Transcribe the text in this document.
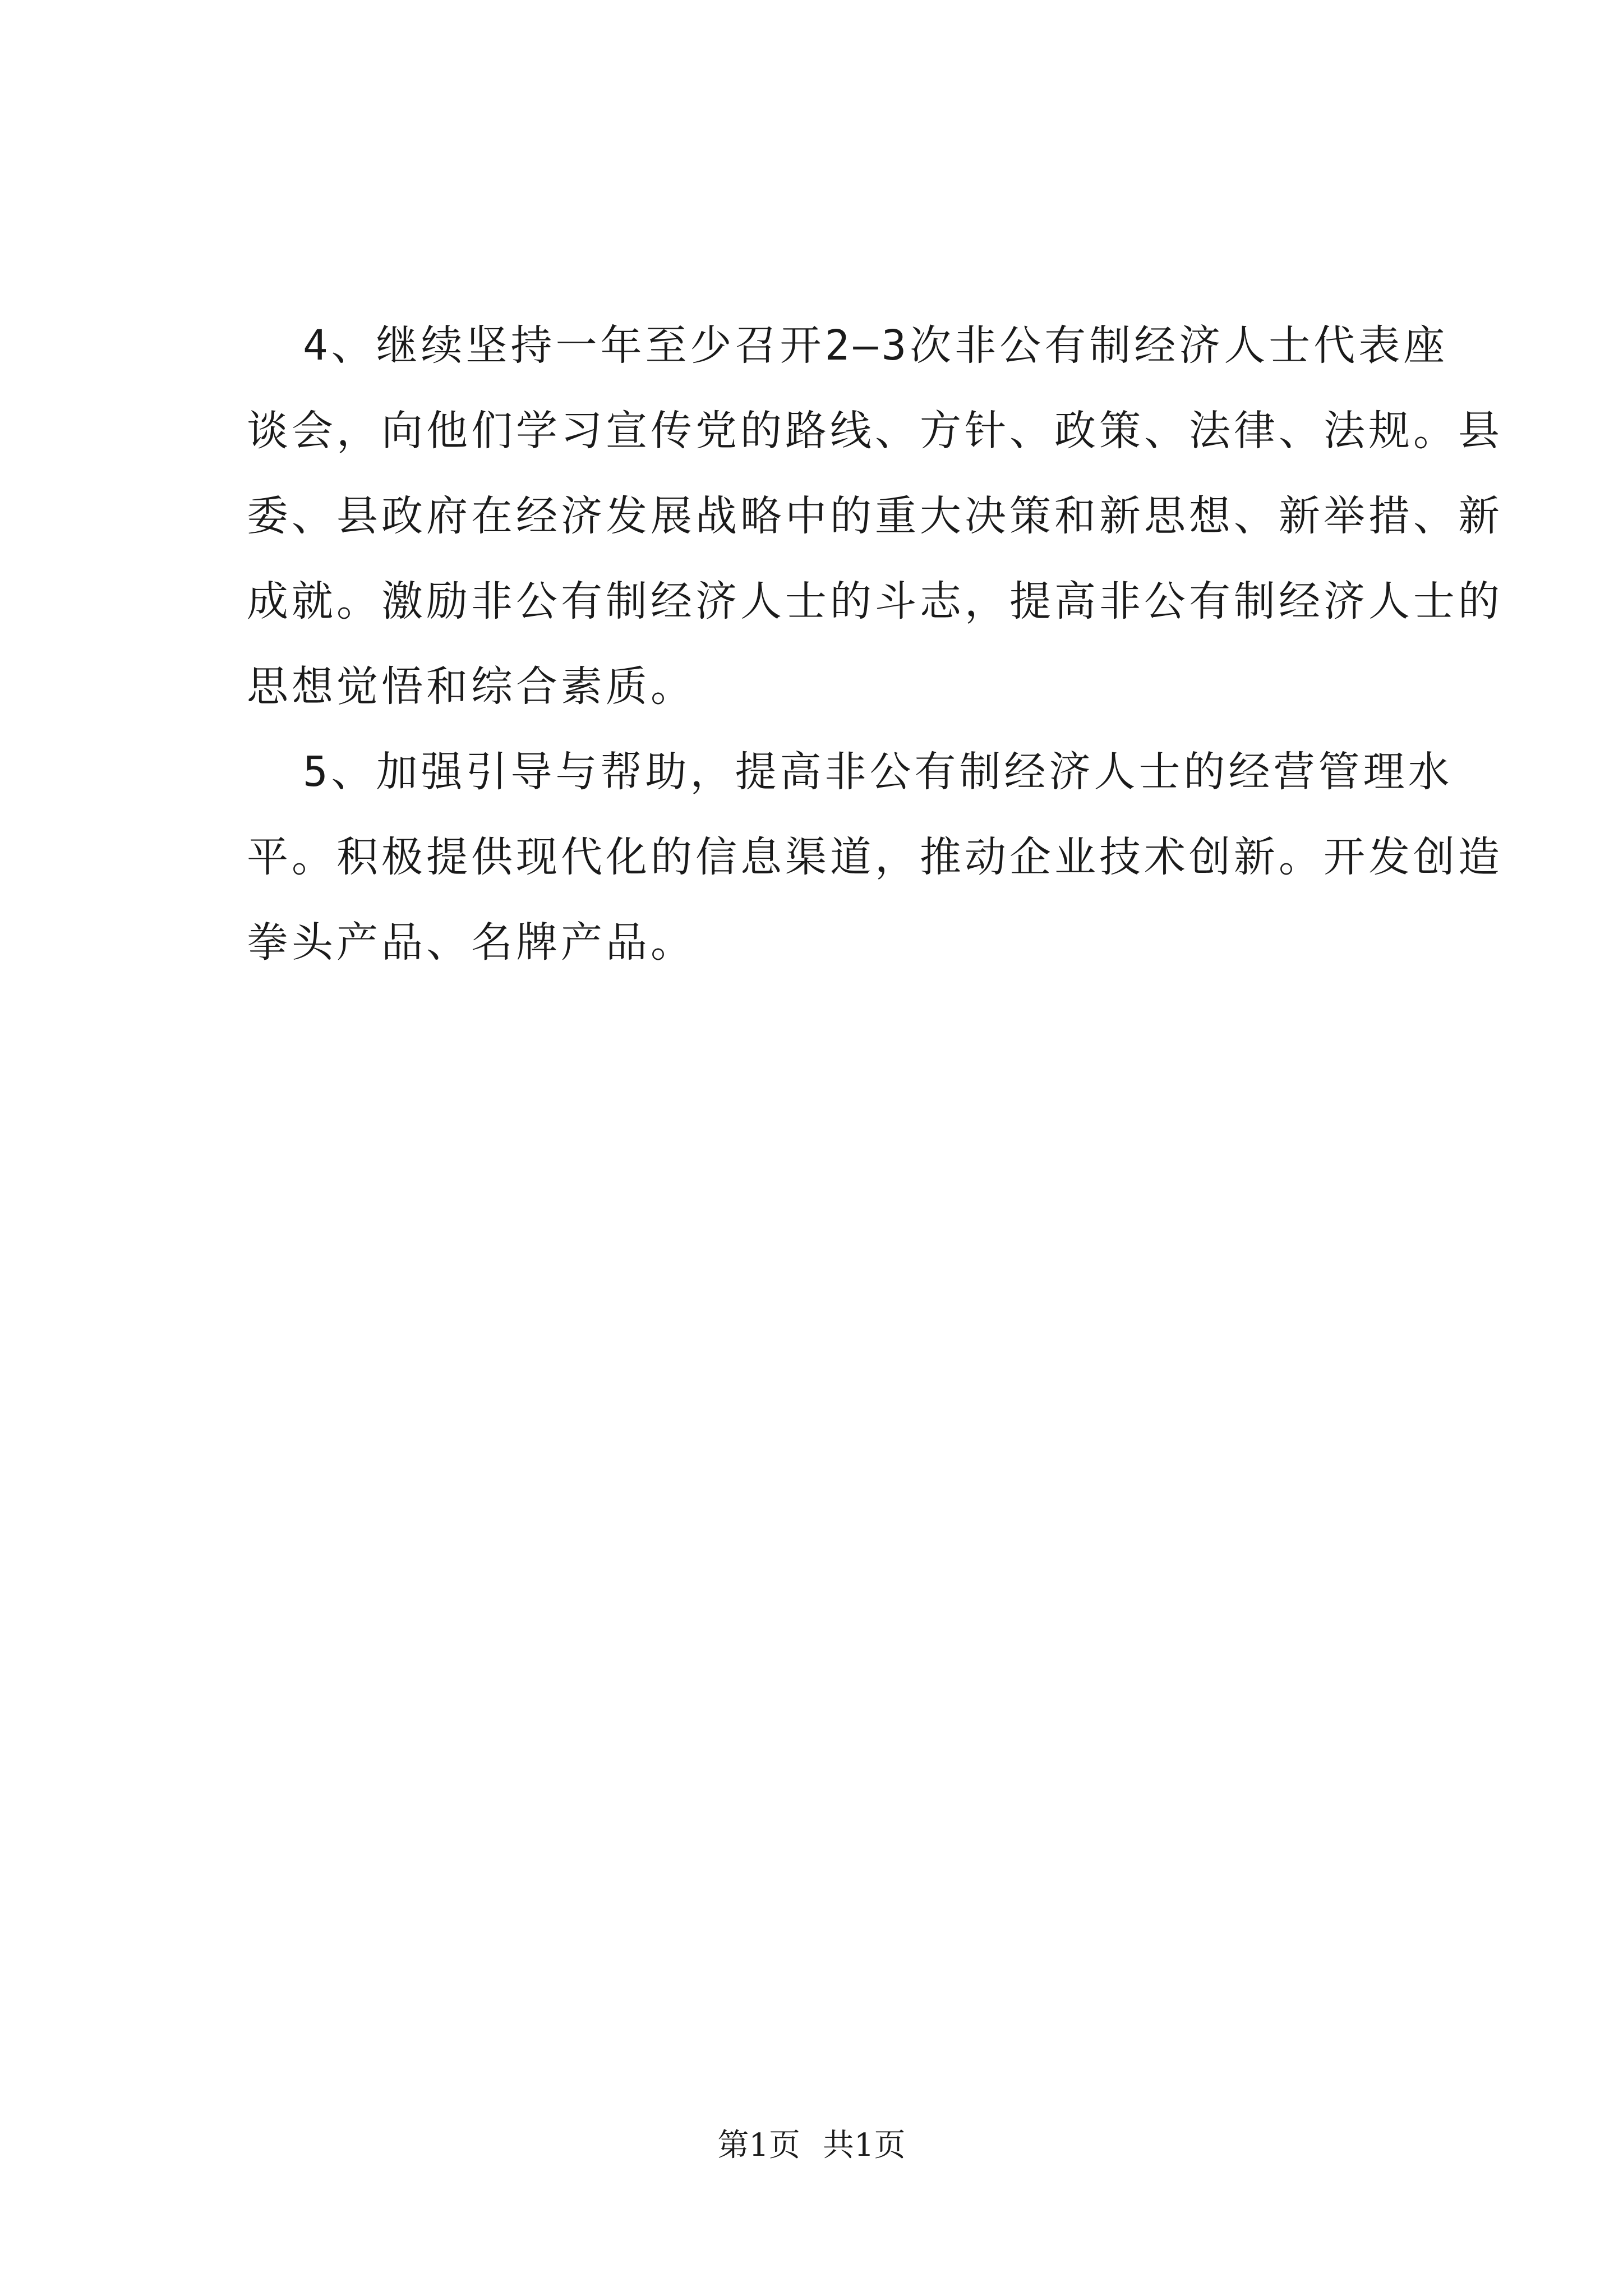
4、继续坚持一年至少召开2—3次非公有制经济人士代表座
谈会，向他们学习宣传党的路线、方针、政策、法律、法规。县
委、县政府在经济发展战略中的重大决策和新思想、新举措、新
成就。激励非公有制经济人士的斗志，提高非公有制经济人士的
思想觉悟和综合素质。
5、加强引导与帮助，提高非公有制经济人士的经营管理水
平。积极提供现代化的信息渠道，推动企业技术创新。开发创造
拳头产品、名牌产品。
第1页 共1页
